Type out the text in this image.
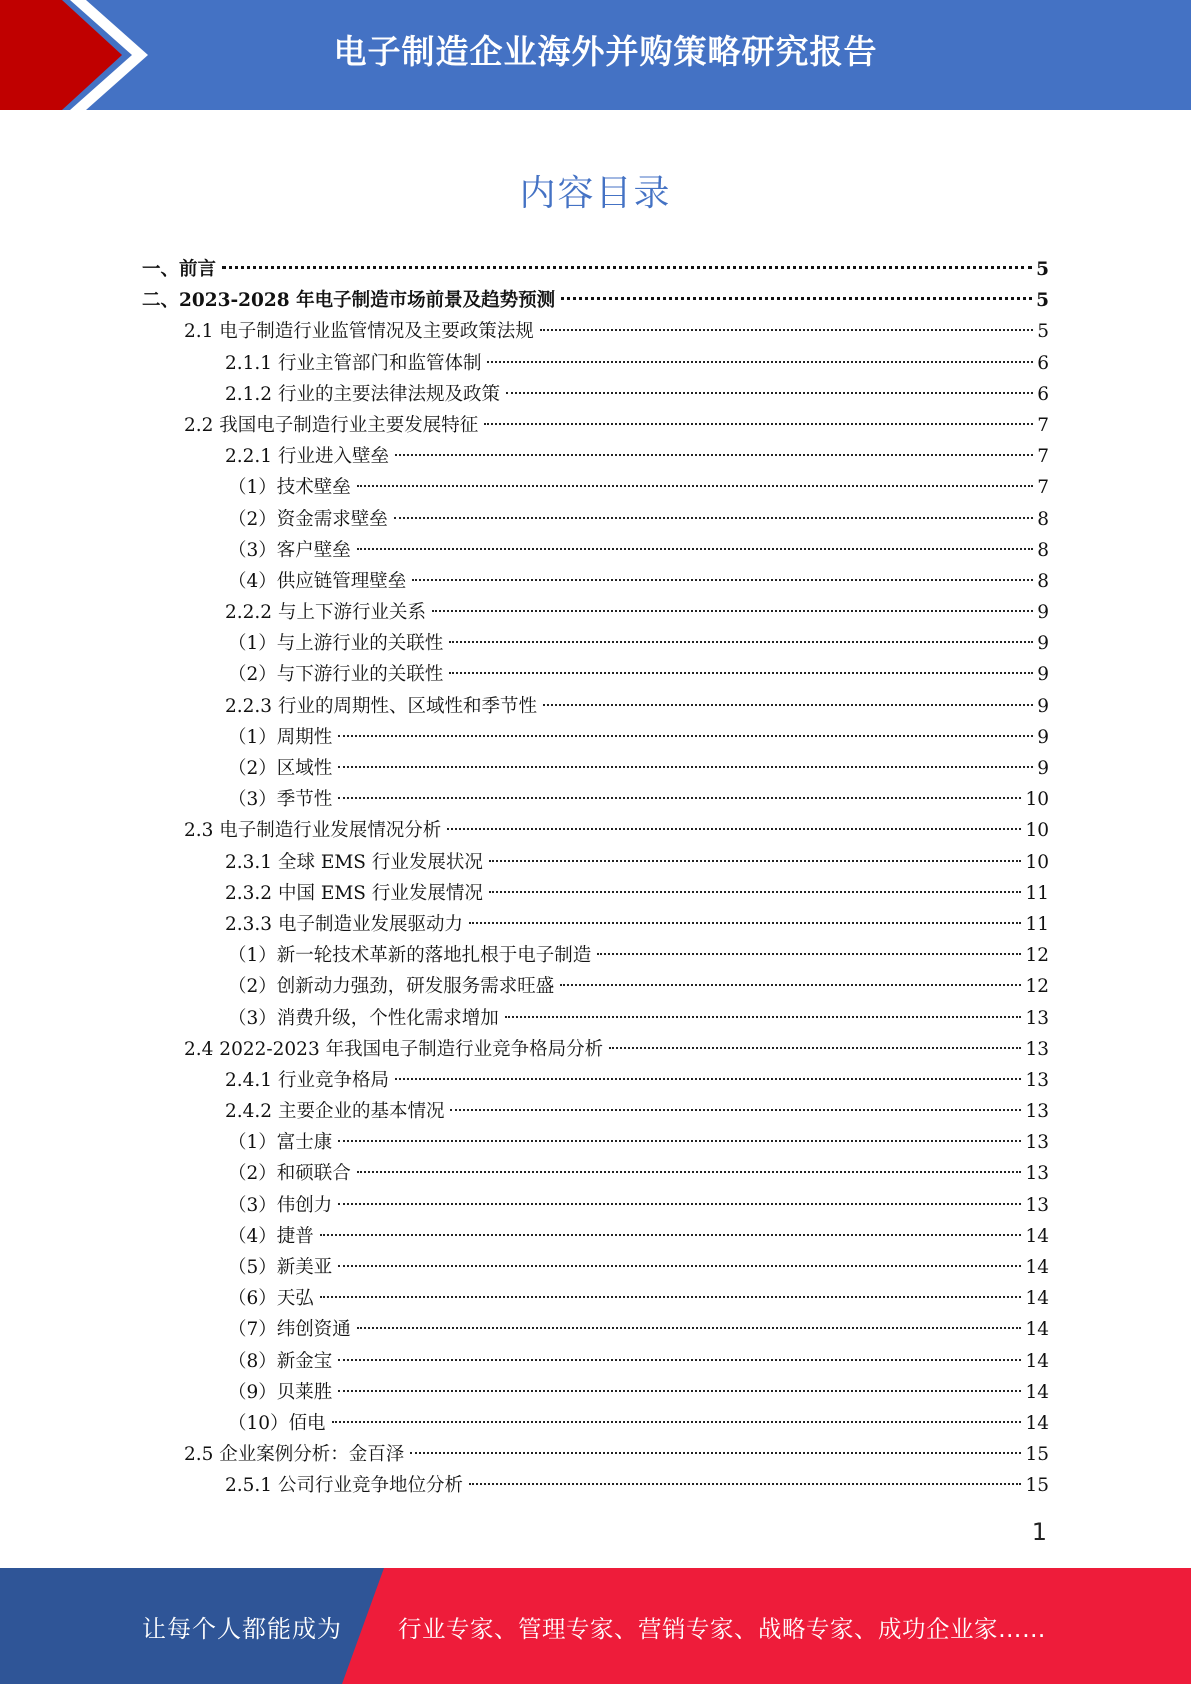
电子制造企业海外并购策略研究报告
内容目录
一、前言	5
二、2023-2028 年电子制造市场前景及趋势预测	5
2.1 电子制造行业监管情况及主要政策法规	5
2.1.1 行业主管部门和监管体制	6
2.1.2 行业的主要法律法规及政策	6
2.2 我国电子制造行业主要发展特征	7
2.2.1 行业进入壁垒	7
（1）技术壁垒	7
（2）资金需求壁垒	8
（3）客户壁垒	8
（4）供应链管理壁垒	8
2.2.2 与上下游行业关系	9
（1）与上游行业的关联性	9
（2）与下游行业的关联性	9
2.2.3 行业的周期性、区域性和季节性	9
（1）周期性	9
（2）区域性	9
（3）季节性	10
2.3 电子制造行业发展情况分析	10
2.3.1 全球 EMS 行业发展状况	10
2.3.2 中国 EMS 行业发展情况	11
2.3.3 电子制造业发展驱动力	11
（1）新一轮技术革新的落地扎根于电子制造	12
（2）创新动力强劲，研发服务需求旺盛	12
（3）消费升级，个性化需求增加	13
2.4 2022-2023 年我国电子制造行业竞争格局分析	13
2.4.1 行业竞争格局	13
2.4.2 主要企业的基本情况	13
（1）富士康	13
（2）和硕联合	13
（3）伟创力	13
（4）捷普	14
（5）新美亚	14
（6）天弘	14
（7）纬创资通	14
（8）新金宝	14
（9）贝莱胜	14
（10）佰电	14
2.5 企业案例分析：金百泽	15
2.5.1 公司行业竞争地位分析	15
1
让每个人都能成为 行业专家、管理专家、营销专家、战略专家、成功企业家……
